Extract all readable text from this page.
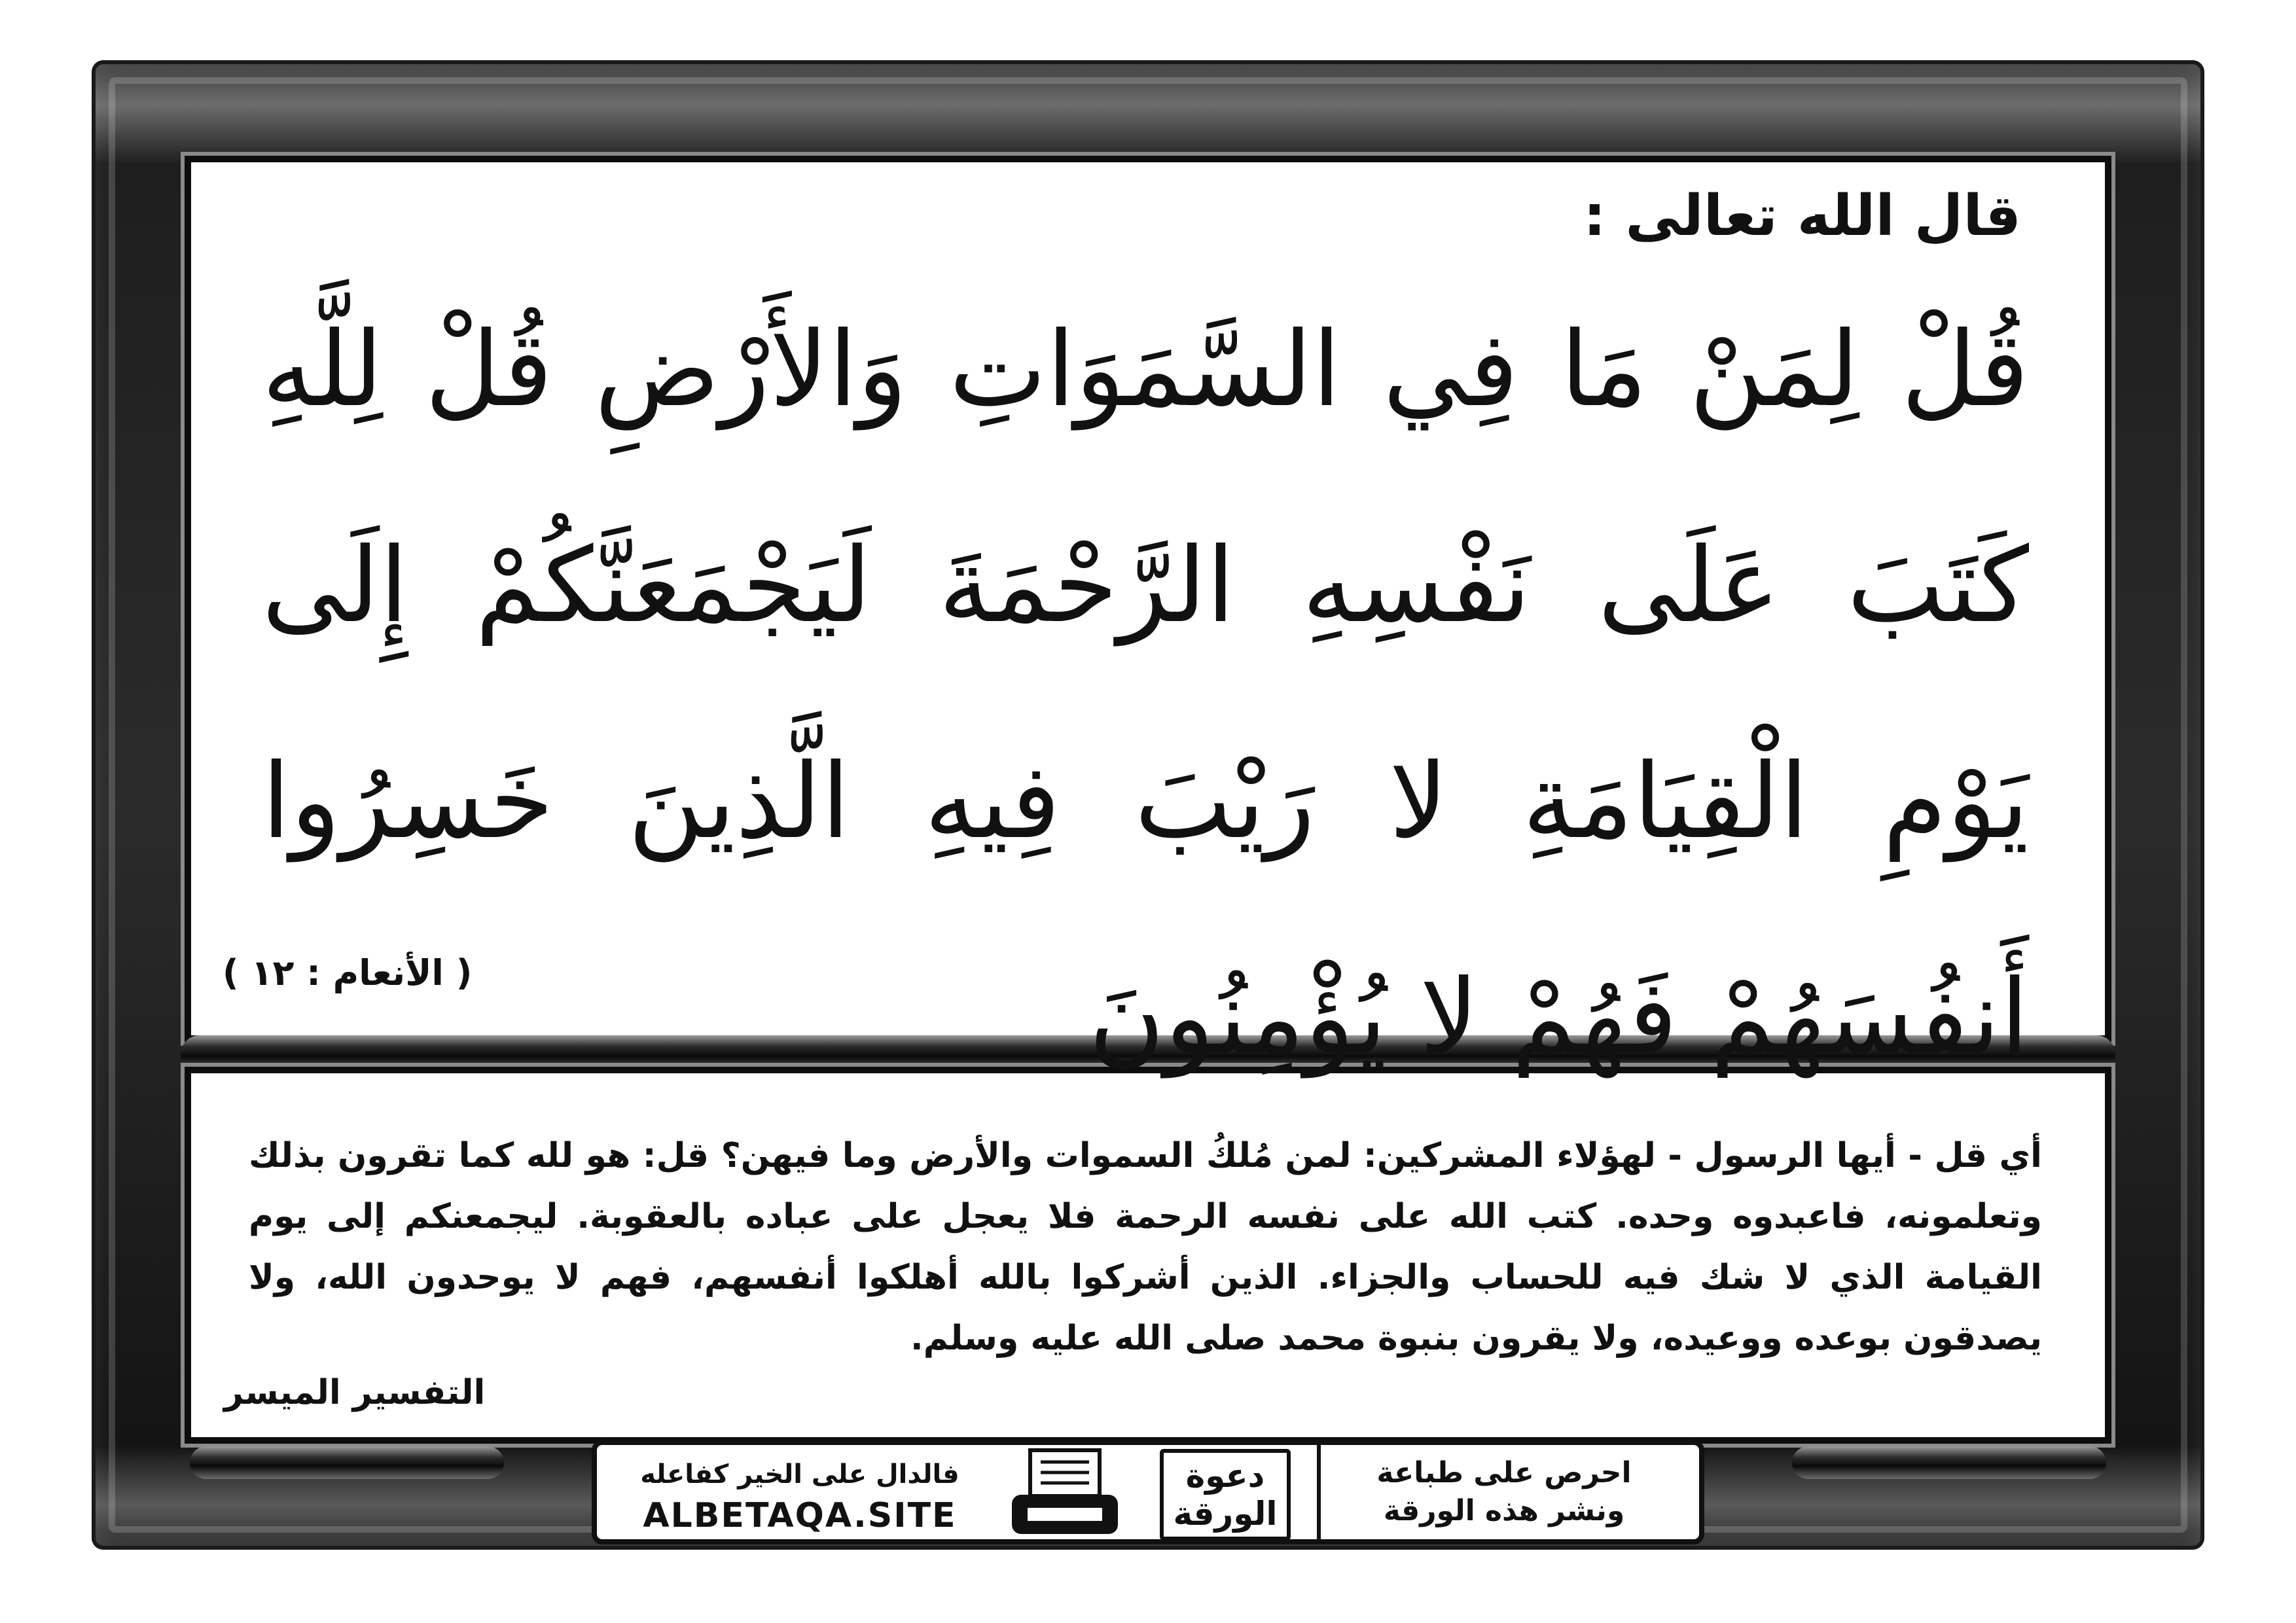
قال الله تعالى :
قُلْ لِمَنْ مَا فِي السَّمَوَاتِ وَالأَرْضِ قُلْ لِلَّهِ كَتَبَ عَلَى نَفْسِهِ الرَّحْمَةَ لَيَجْمَعَنَّكُمْ إِلَى يَوْمِ الْقِيَامَةِ لا رَيْبَ فِيهِ الَّذِينَ خَسِرُوا أَنفُسَهُمْ فَهُمْ لا يُؤْمِنُونَ
( الأنعام : ١٢ )
أي قل - أيها الرسول - لهؤلاء المشركين: لمن مُلكُ السموات والأرض وما فيهن؟ قل: هو لله كما تقرون بذلك وتعلمونه، فاعبدوه وحده. كتب الله على نفسه الرحمة فلا يعجل على عباده بالعقوبة. ليجمعنكم إلى يوم القيامة الذي لا شك فيه للحساب والجزاء. الذين أشركوا بالله أهلكوا أنفسهم، فهم لا يوحدون الله، ولا يصدقون بوعده ووعيده، ولا يقرون بنبوة محمد صلى الله عليه وسلم.
التفسير الميسر
فالدال على الخير كفاعله
ALBETAQA.SITE
دعوة
الورقة
احرص على طباعة
ونشر هذه الورقة
